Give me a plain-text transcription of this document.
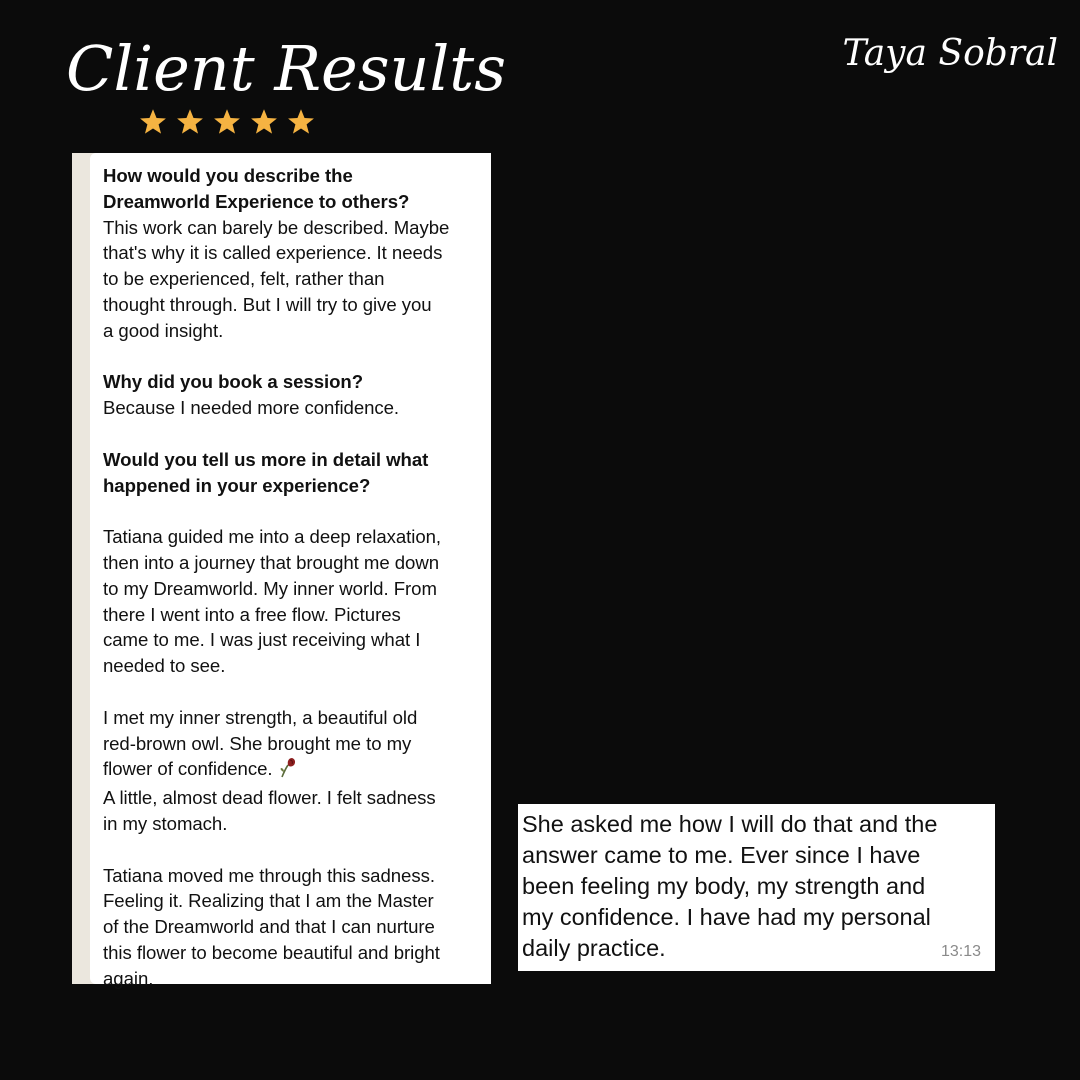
Client Results	Taya Sobral

How would you describe the
Dreamworld Experience to others?

This work can barely be described. Maybe
that's why it is called experience. It needs
to be experienced, felt, rather than
thought through. But I will try to give you
a good insight.

Why did you book a session?

Because I needed more confidence.

Would you tell us more in detail what
happened in your experience?

Tatiana guided me into a deep relaxation,
then into a journey that brought me down
to my Dreamworld. My inner world. From
there I went into a free flow. Pictures
came to me. I was just receiving what I
needed to see.

I met my inner strength, a beautiful old
red-brown owl. She brought me to my
flower of confidence.

A little, almost dead flower. I felt sadness
in my stomach.

Tatiana moved me through this sadness.
Feeling it. Realizing that I am the Master
of the Dreamworld and that I can nurture
this flower to become beautiful and bright
again.

She asked me how I will do that and the
answer came to me. Ever since I have
been feeling my body, my strength and
my confidence. I have had my personal
daily practice.	13:13
